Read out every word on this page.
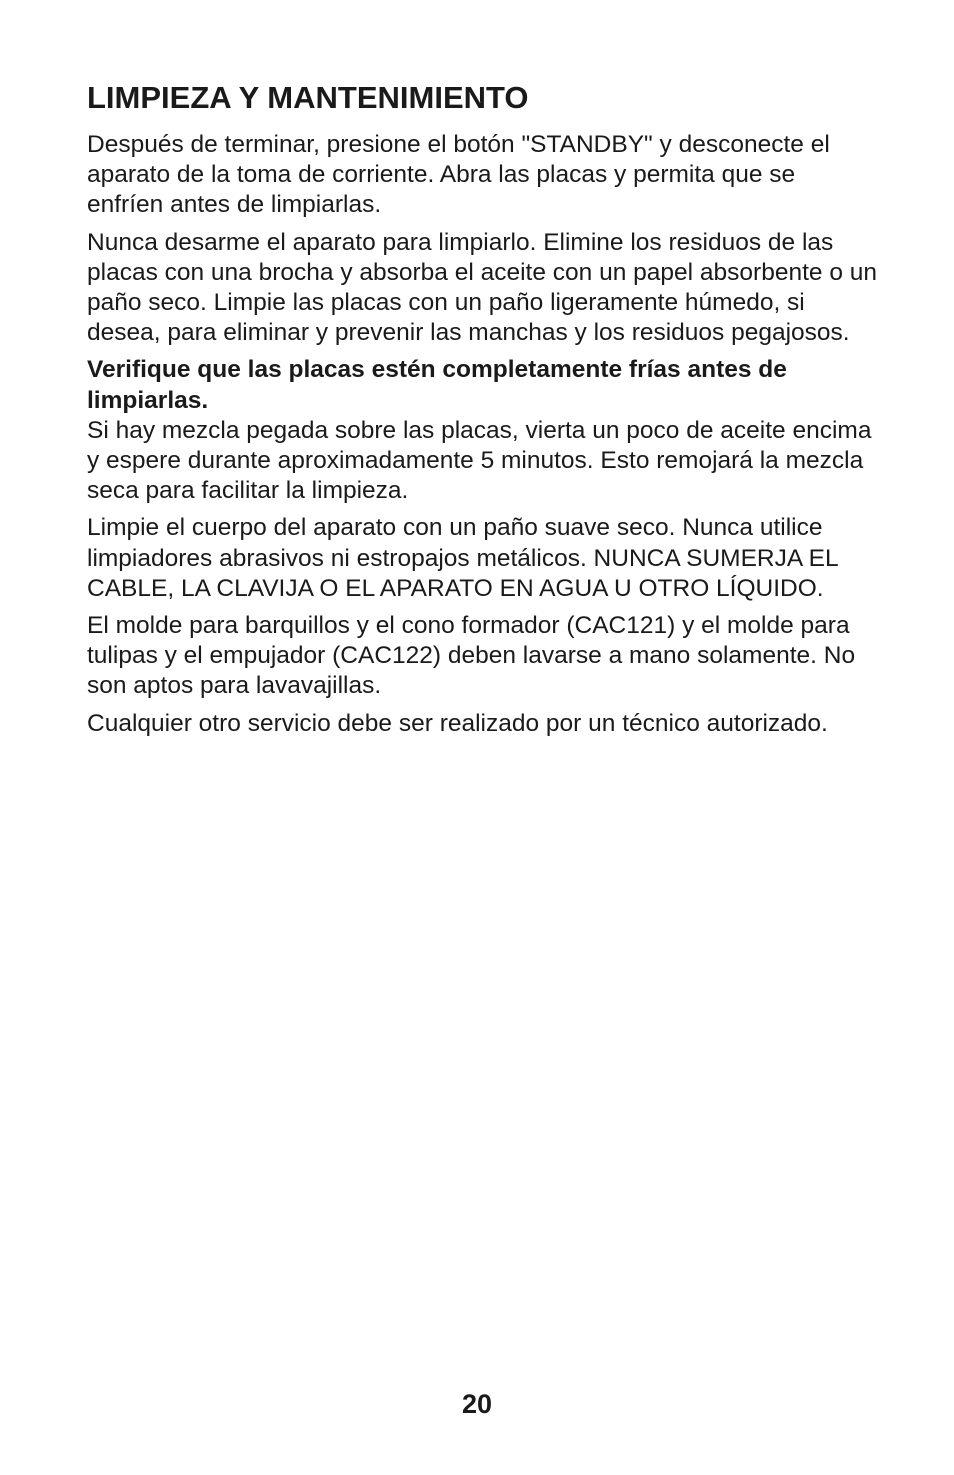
LIMPIEZA Y MANTENIMIENTO

Después de terminar, presione el botón "STANDBY" y desconecte el aparato de la toma de corriente. Abra las placas y permita que se enfríen antes de limpiarlas.

Nunca desarme el aparato para limpiarlo. Elimine los residuos de las placas con una brocha y absorba el aceite con un papel absorbente o un paño seco. Limpie las placas con un paño ligeramente húmedo, si desea, para eliminar y prevenir las manchas y los residuos pegajosos.

Verifique que las placas estén completamente frías antes de limpiarlas.

Si hay mezcla pegada sobre las placas, vierta un poco de aceite encima y espere durante aproximadamente 5 minutos. Esto remojará la mezcla seca para facilitar la limpieza.

Limpie el cuerpo del aparato con un paño suave seco. Nunca utilice limpiadores abrasivos ni estropajos metálicos. NUNCA SUMERJA EL CABLE, LA CLAVIJA O EL APARATO EN AGUA U OTRO LÍQUIDO.

El molde para barquillos y el cono formador (CAC121) y el molde para tulipas y el empujador (CAC122) deben lavarse a mano solamente. No son aptos para lavavajillas.

Cualquier otro servicio debe ser realizado por un técnico autorizado.

20
